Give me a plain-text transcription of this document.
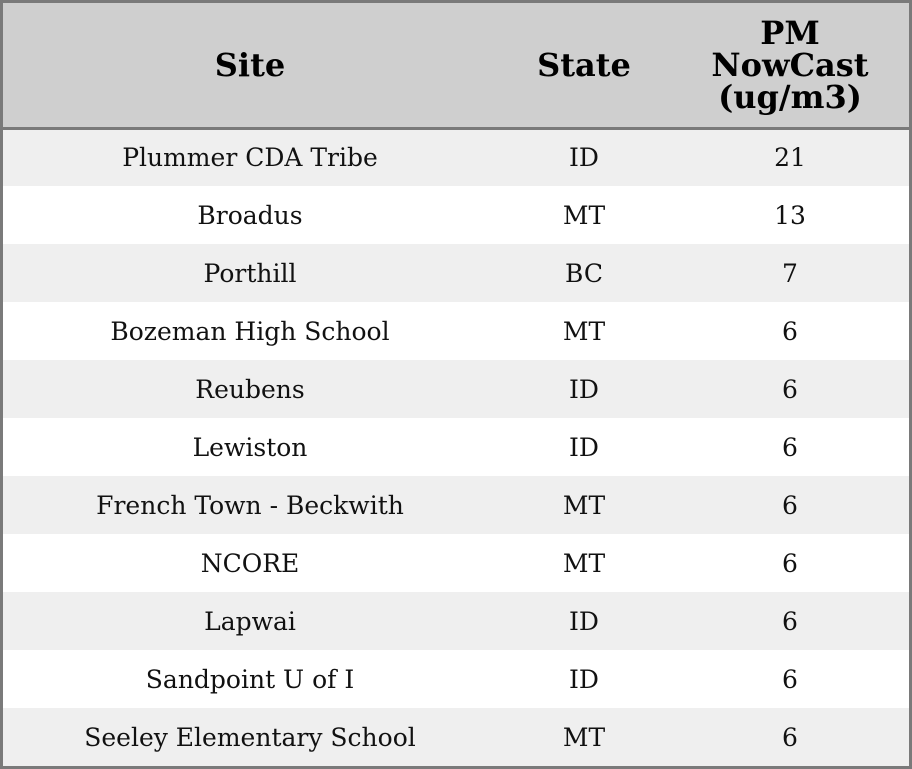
Site	State	PM
NowCast
(ug/m3)

Plummer CDA Tribe	ID	21
Broadus	MT	13
Porthill	BC	7
Bozeman High School	MT	6
Reubens	ID	6
Lewiston	ID	6
French Town - Beckwith	MT	6
NCORE	MT	6
Lapwai	ID	6
Sandpoint U of I	ID	6
Seeley Elementary School	MT	6
